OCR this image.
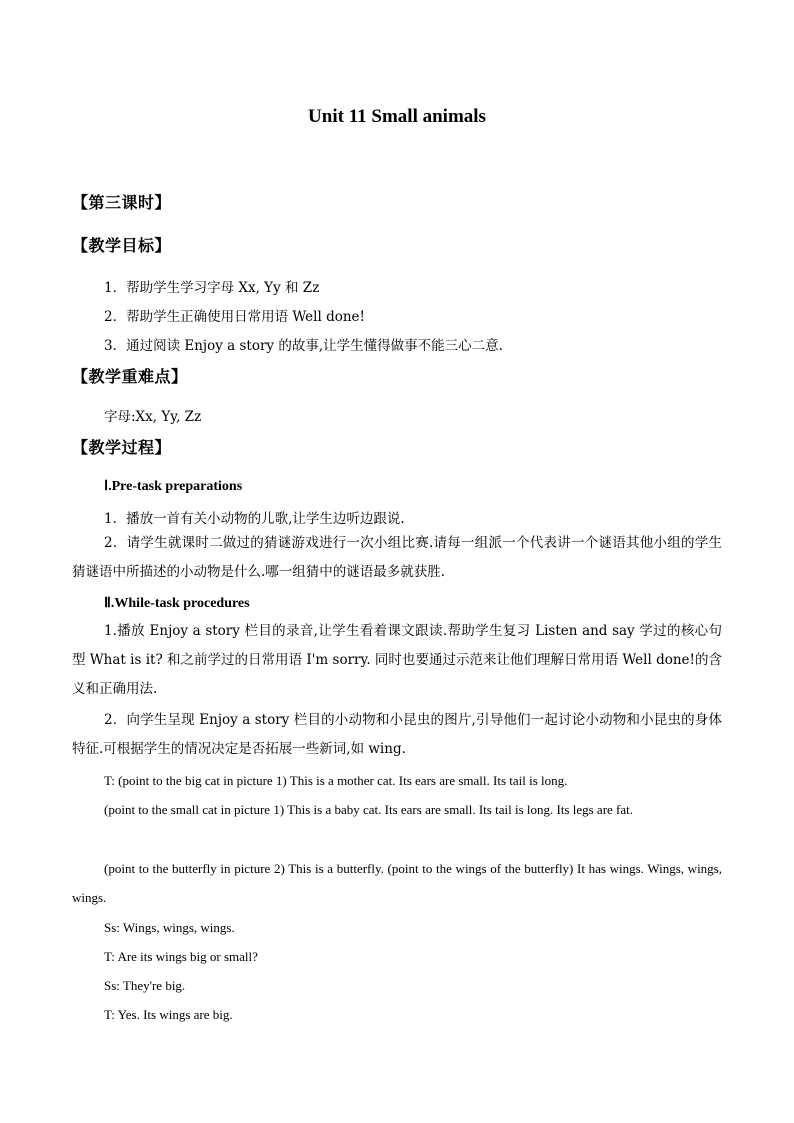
Unit 11 Small animals
【第三课时】
【教学目标】
1．帮助学生学习字母 Xx, Yy 和 Zz
2．帮助学生正确使用日常用语 Well done!
3．通过阅读 Enjoy a story 的故事,让学生懂得做事不能三心二意.
【教学重难点】
字母:Xx, Yy, Zz
【教学过程】
Ⅰ.Pre-task preparations
1．播放一首有关小动物的儿歌,让学生边听边跟说.
2．请学生就课时二做过的猜谜游戏进行一次小组比赛.请每一组派一个代表讲一个谜语其他小组的学生猜谜语中所描述的小动物是什么.哪一组猜中的谜语最多就获胜.
Ⅱ.While-task procedures
1.播放 Enjoy a story 栏目的录音,让学生看着课文跟读.帮助学生复习 Listen and say 学过的核心句型 What is it? 和之前学过的日常用语 I'm sorry. 同时也要通过示范来让他们理解日常用语 Well done!的含义和正确用法.
2．向学生呈现 Enjoy a story 栏目的小动物和小昆虫的图片,引导他们一起讨论小动物和小昆虫的身体特征.可根据学生的情况决定是否拓展一些新词,如 wing.
T: (point to the big cat in picture 1) This is a mother cat. Its ears are small. Its tail is long.
(point to the small cat in picture 1) This is a baby cat. Its ears are small. Its tail is long. Its legs are fat.
(point to the butterfly in picture 2) This is a butterfly. (point to the wings of the butterfly) It has wings. Wings, wings, wings.
Ss: Wings, wings, wings.
T: Are its wings big or small?
Ss: They're big.
T: Yes. Its wings are big.
